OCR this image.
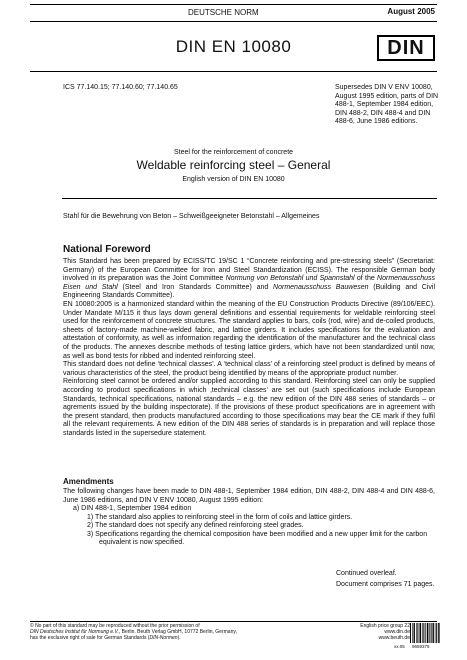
DEUTSCHE NORM	August 2005
DIN EN 10080	DIN
ICS 77.140.15; 77.140.60; 77.140.65	Supersedes DIN V ENV 10080, August 1995 edition, parts of DIN 488-1, September 1984 edition, DIN 488-2, DIN 488-4 and DIN 488-6, June 1986 editions.
Steel for the reinforcement of concrete
Weldable reinforcing steel – General
English version of DIN EN 10080
Stahl für die Bewehrung von Beton – Schweißgeeigneter Betonstahl – Allgemeines
National Foreword

This Standard has been prepared by ECISS/TC 19/SC 1 “Concrete reinforcing and pre-stressing steels” (Secretariat: Germany) of the European Committee for Iron and Steel Standardization (ECISS). The responsible German body involved in its preparation was the Joint Committee Normung von Betonstahl und Spannstahl of the Normenausschuss Eisen und Stahl (Steel and Iron Standards Committee) and Normenausschuss Bauwesen (Building and Civil Engineering Standards Committee).

EN 10080:2005 is a harmonized standard within the meaning of the EU Construction Products Directive (89/106/EEC). Under Mandate M/115 it thus lays down general definitions and essential requirements for weldable reinforcing steel used for the reinforcement of concrete structures. The standard applies to bars, coils (rod, wire) and de-coiled products, sheets of factory-made machine-welded fabric, and lattice girders. It includes specifications for the evaluation and attestation of conformity, as well as information regarding the identification of the manufacturer and the technical class of the products. The annexes describe methods of testing lattice girders, which have not been standardized until now, as well as bond tests for ribbed and indented reinforcing steel.

This standard does not define ‘technical classes’. A ‘technical class’ of a reinforcing steel product is defined by means of various characteristics of the steel, the product being identified by means of the appropriate product number.

Reinforcing steel cannot be ordered and/or supplied according to this standard. Reinforcing steel can only be supplied according to product specifications in which ‚technical classes‘ are set out (such specifications include European Standards, technical specifications, national standards – e.g. the new edition of the DIN 488 series of standards – or agrements issued by the building inspectorate). If the provisions of these product specifications are in agreement with the present standard, then products manufactured according to those specifications may bear the CE mark if they fulfil all the relevant requirements. A new edition of the DIN 488 series of standards is in preparation and will replace those standards listed in the supersedure statement.

Amendments
The following changes have been made to DIN 488-1, September 1984 edition, DIN 488-2, DIN 488-4 and DIN 488-6, June 1986 editions, and DIN V ENV 10080, August 1995 edition:
a) DIN 488-1, September 1984 edition
1) The standard also applies to reinforcing steel in the form of coils and lattice girders.
2) The standard does not specify any defined reinforcing steel grades.
3) Specifications regarding the chemical composition have been modified and a new upper limit for the carbon equivalent is now specified.
Continued overleaf.
Document comprises 71 pages.
© No part of this standard may be reproduced without the prior permission of
DIN Deutsches Institut für Normung e.V., Berlin. Beuth Verlag GmbH, 10772 Berlin, Germany,
has the exclusive right of sale for German Standards (DIN-Normen).
English price group 22
www.din.de
www.beuth.de
xx.05 9659375
